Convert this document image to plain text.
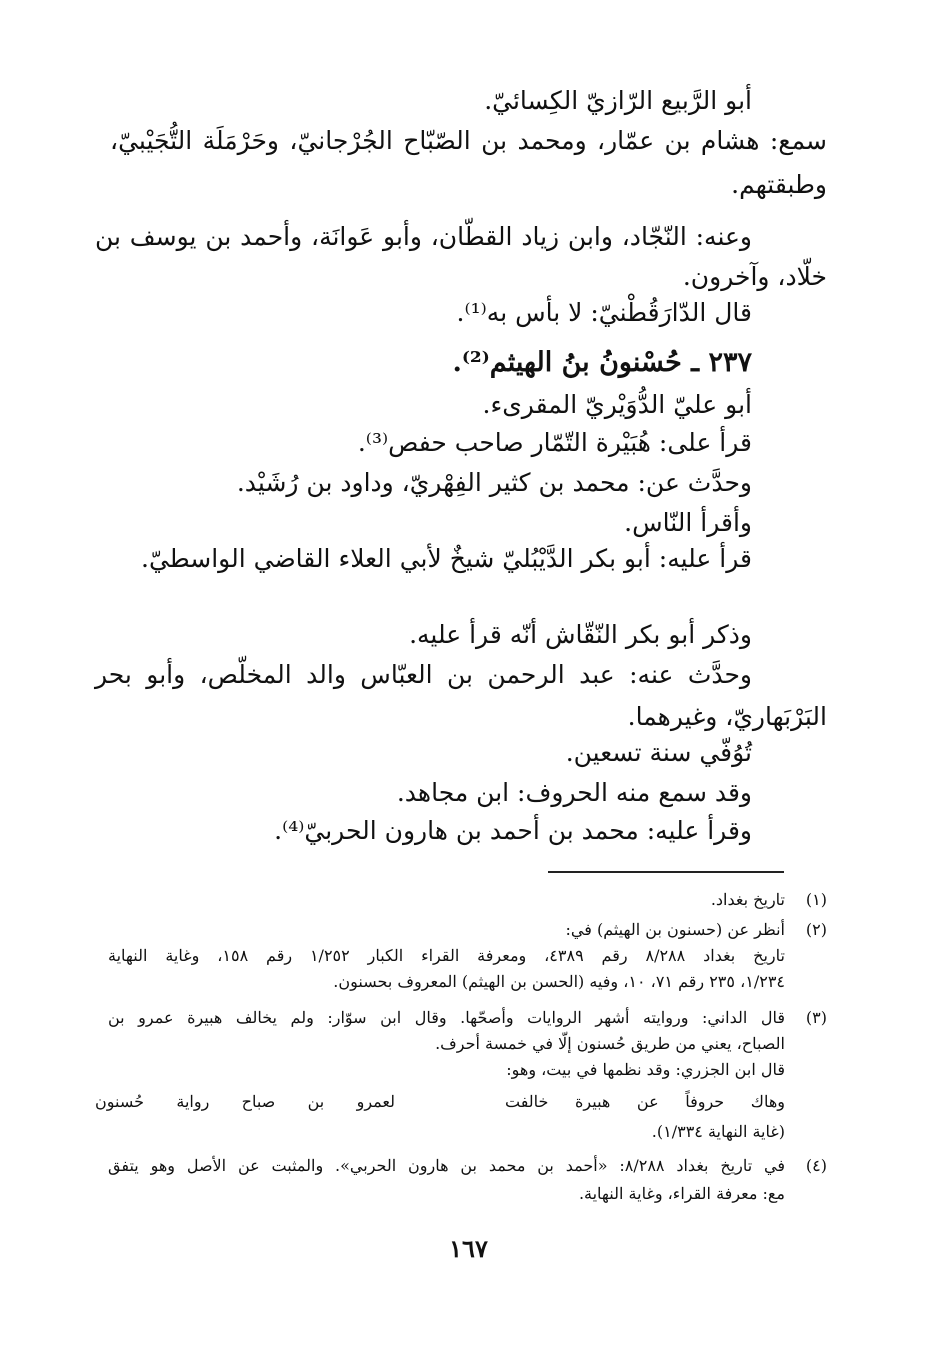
أبو الرَّبيع الرّازيّ الكِسائيّ.
سمع: هشام بن عمّار، ومحمد بن الصّبّاح الجُرْجانيّ، وحَرْمَلَة التُّجَيْبيّ،
وطبقتهم.
وعنه: النّجّاد، وابن زياد القطّان، وأبو عَوانَة، وأحمد بن يوسف بن
خلّاد، وآخرون.
قال الدّارَقُطْنيّ: لا بأس به⁽¹⁾.
٢٣٧ ـ حُسْنونُ بنُ الهيثم⁽²⁾.
أبو عليّ الدُّوَيْريّ المقرىء.
قرأ على: هُبَيْرة التّمّار صاحب حفص⁽³⁾.
وحدَّث عن: محمد بن كثير الفِهْريّ، وداود بن رُشَيْد.
وأقرأ النّاس.
قرأ عليه: أبو بكر الدَّيْبُليّ شيخٌ لأبي العلاء القاضي الواسطيّ.
وذكر أبو بكر النّقّاش أنّه قرأ عليه.
وحدَّث عنه: عبد الرحمن بن العبّاس والد المخلّص، وأبو بحر
البَرْبَهاريّ، وغيرهما.
تُوُفّي سنة تسعين.
وقد سمع منه الحروف: ابن مجاهد.
وقرأ عليه: محمد بن أحمد بن هارون الحربيّ⁽⁴⁾.
(١)
تاريخ بغداد.
(٢)
أنظر عن (حسنون بن الهيثم) في:
تاريخ بغداد ٨/٢٨٨ رقم ٤٣٨٩، ومعرفة القراء الكبار ١/٢٥٢ رقم ١٥٨، وغاية النهاية
١/٢٣٤، ٢٣٥ رقم ٧١، ١٠، وفيه (الحسن بن الهيثم) المعروف بحسنون.
(٣)
قال الداني: وروايته أشهر الروايات وأصحّها. وقال ابن سوّار: ولم يخالف هبيرة عمرو بن
الصباح، يعني من طريق حُسنون إلّا في خمسة أحرف.
قال ابن الجزري: وقد نظمها في بيت، وهو:
وهاك حروفاً عن هبيرة خالفت
لعمرو بن صباح رواية حُسنون
(غاية النهاية ١/٣٣٤).
(٤)
في تاريخ بغداد ٨/٢٨٨: «أحمد بن محمد بن هارون الحربي». والمثبت عن الأصل وهو يتفق
مع: معرفة القراء، وغاية النهاية.
١٦٧
